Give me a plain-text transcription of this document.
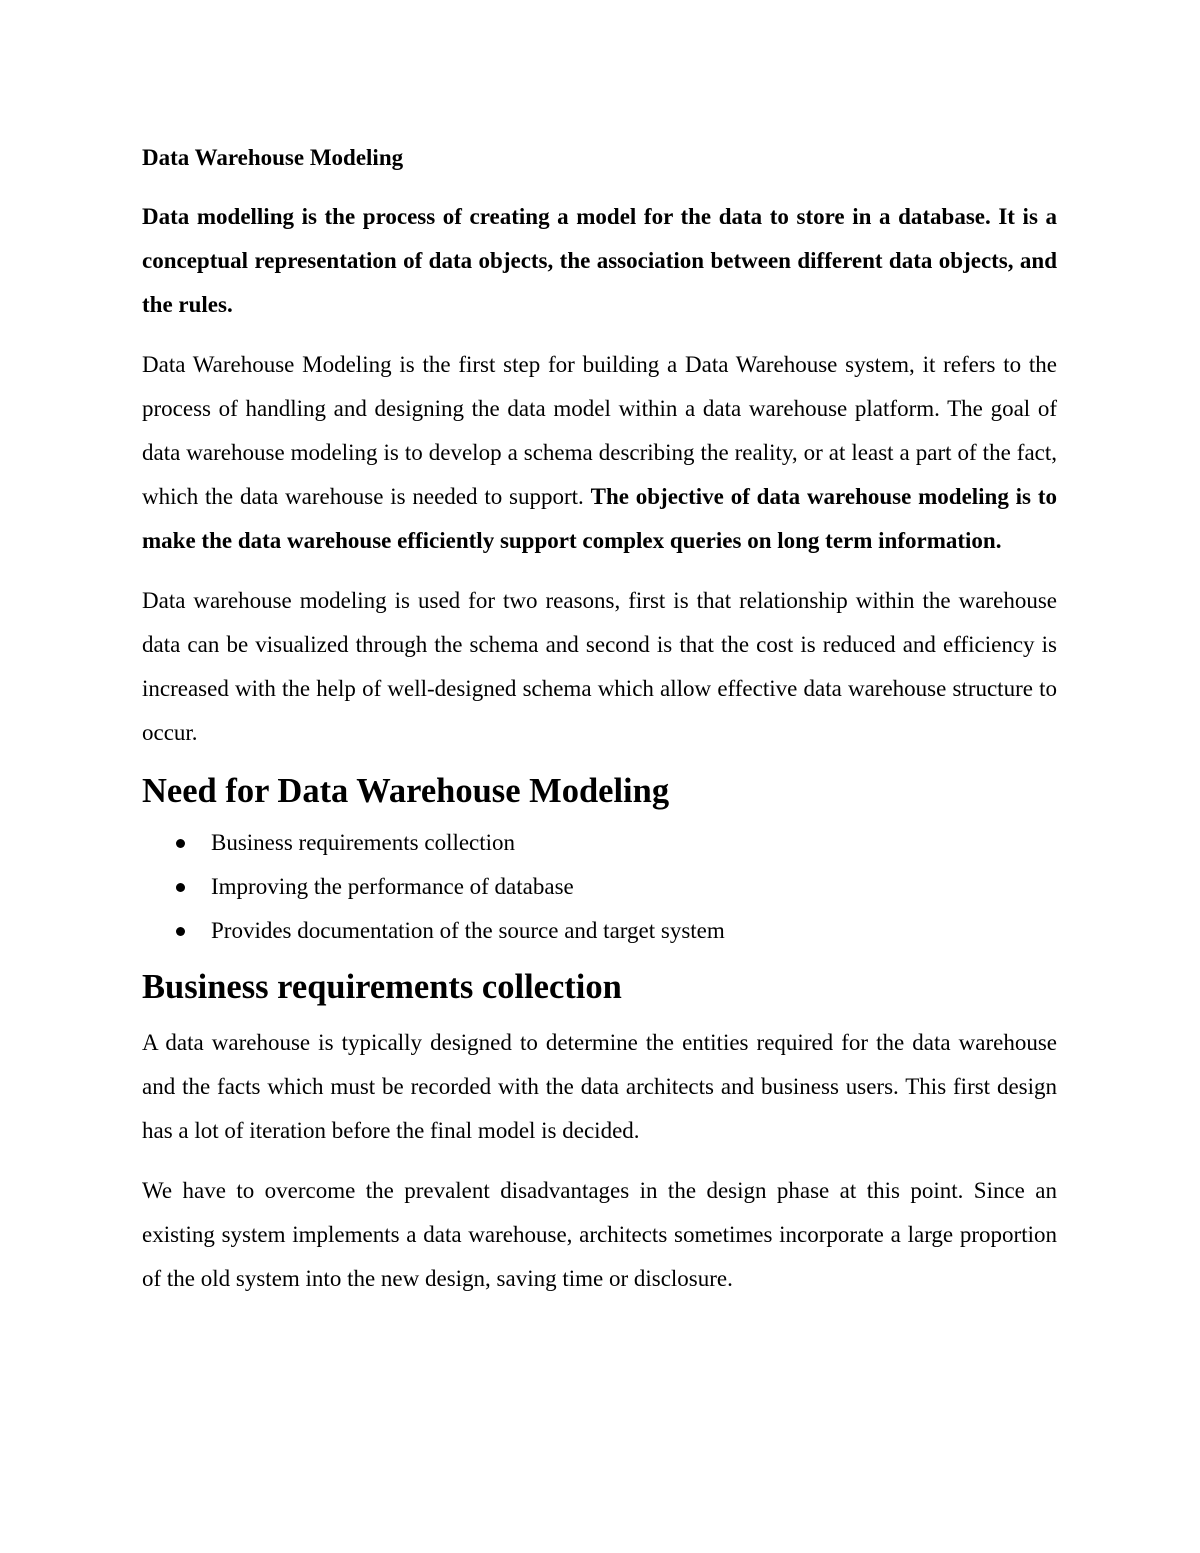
Data Warehouse Modeling

Data modelling is the process of creating a model for the data to store in a database. It is a conceptual representation of data objects, the association between different data objects, and the rules.

Data Warehouse Modeling is the first step for building a Data Warehouse system, it refers to the process of handling and designing the data model within a data warehouse platform. The goal of data warehouse modeling is to develop a schema describing the reality, or at least a part of the fact, which the data warehouse is needed to support. The objective of data warehouse modeling is to make the data warehouse efficiently support complex queries on long term information.

Data warehouse modeling is used for two reasons, first is that relationship within the warehouse data can be visualized through the schema and second is that the cost is reduced and efficiency is increased with the help of well-designed schema which allow effective data warehouse structure to occur.

Need for Data Warehouse Modeling
Business requirements collection
Improving the performance of database
Provides documentation of the source and target system
Business requirements collection

A data warehouse is typically designed to determine the entities required for the data warehouse and the facts which must be recorded with the data architects and business users. This first design has a lot of iteration before the final model is decided.

We have to overcome the prevalent disadvantages in the design phase at this point. Since an existing system implements a data warehouse, architects sometimes incorporate a large proportion of the old system into the new design, saving time or disclosure.
